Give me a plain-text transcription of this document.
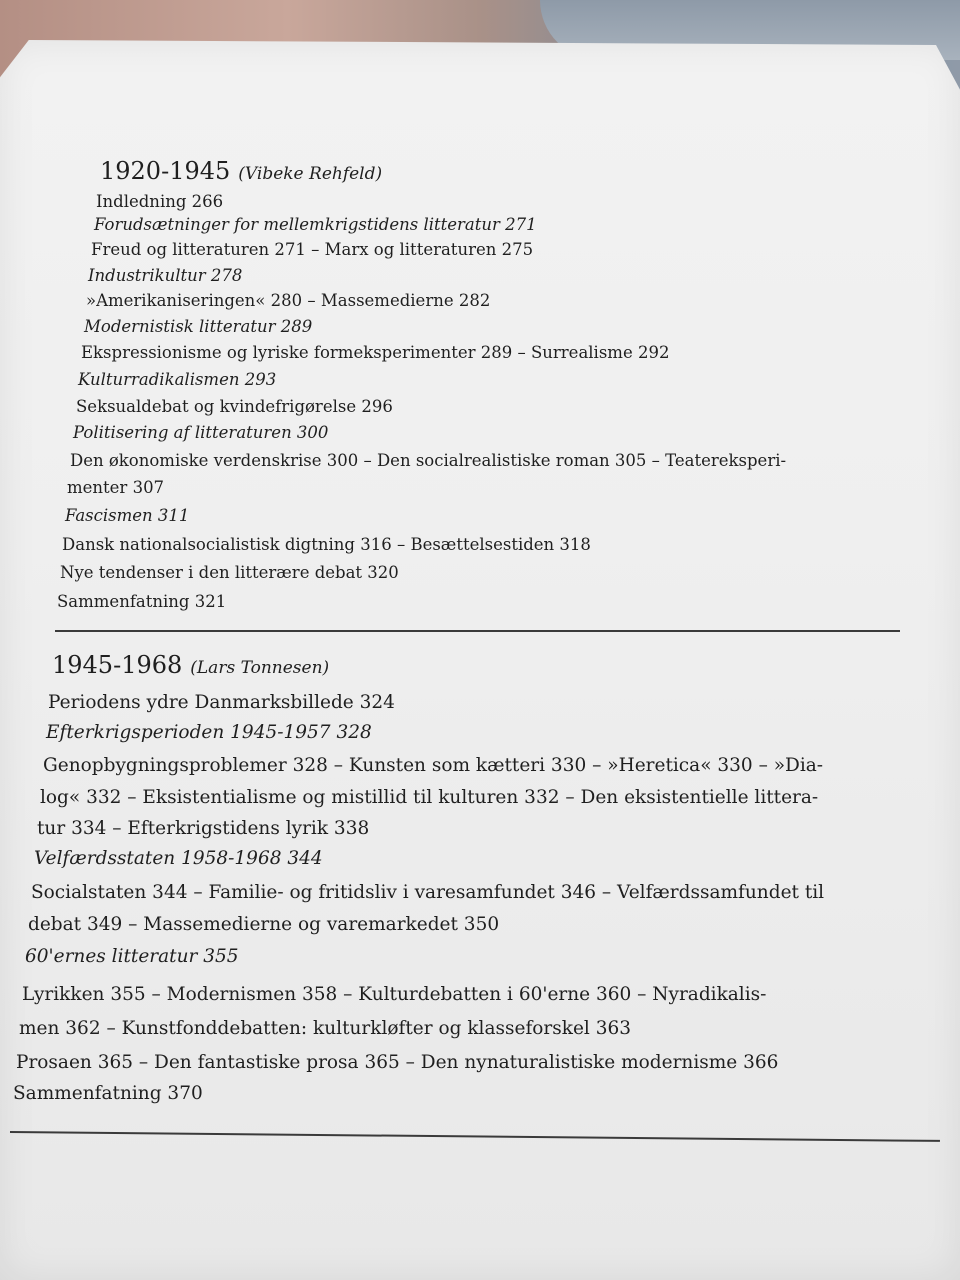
1920-1945 (Vibeke Rehfeld)
Indledning 266
Forudsætninger for mellemkrigstidens litteratur 271
Freud og litteraturen 271 – Marx og litteraturen 275
Industrikultur 278
»Amerikaniseringen« 280 – Massemedierne 282
Modernistisk litteratur 289
Ekspressionisme og lyriske formeksperimenter 289 – Surrealisme 292
Kulturradikalismen 293
Seksualdebat og kvindefrigørelse 296
Politisering af litteraturen 300
Den økonomiske verdenskrise 300 – Den socialrealistiske roman 305 – Teatereksperi-
menter 307
Fascismen 311
Dansk nationalsocialistisk digtning 316 – Besættelsestiden 318
Nye tendenser i den litterære debat 320
Sammenfatning 321
1945-1968 (Lars Tonnesen)
Periodens ydre Danmarksbillede 324
Efterkrigsperioden 1945-1957 328
Genopbygningsproblemer 328 – Kunsten som kætteri 330 – »Heretica« 330 – »Dia-
log« 332 – Eksistentialisme og mistillid til kulturen 332 – Den eksistentielle littera-
tur 334 – Efterkrigstidens lyrik 338
Velfærdsstaten 1958-1968 344
Socialstaten 344 – Familie- og fritidsliv i varesamfundet 346 – Velfærdssamfundet til
debat 349 – Massemedierne og varemarkedet 350
60'ernes litteratur 355
Lyrikken 355 – Modernismen 358 – Kulturdebatten i 60'erne 360 – Nyradikalis-
men 362 – Kunstfonddebatten: kulturkløfter og klasseforskel 363
Prosaen 365 – Den fantastiske prosa 365 – Den nynaturalistiske modernisme 366
Sammenfatning 370
